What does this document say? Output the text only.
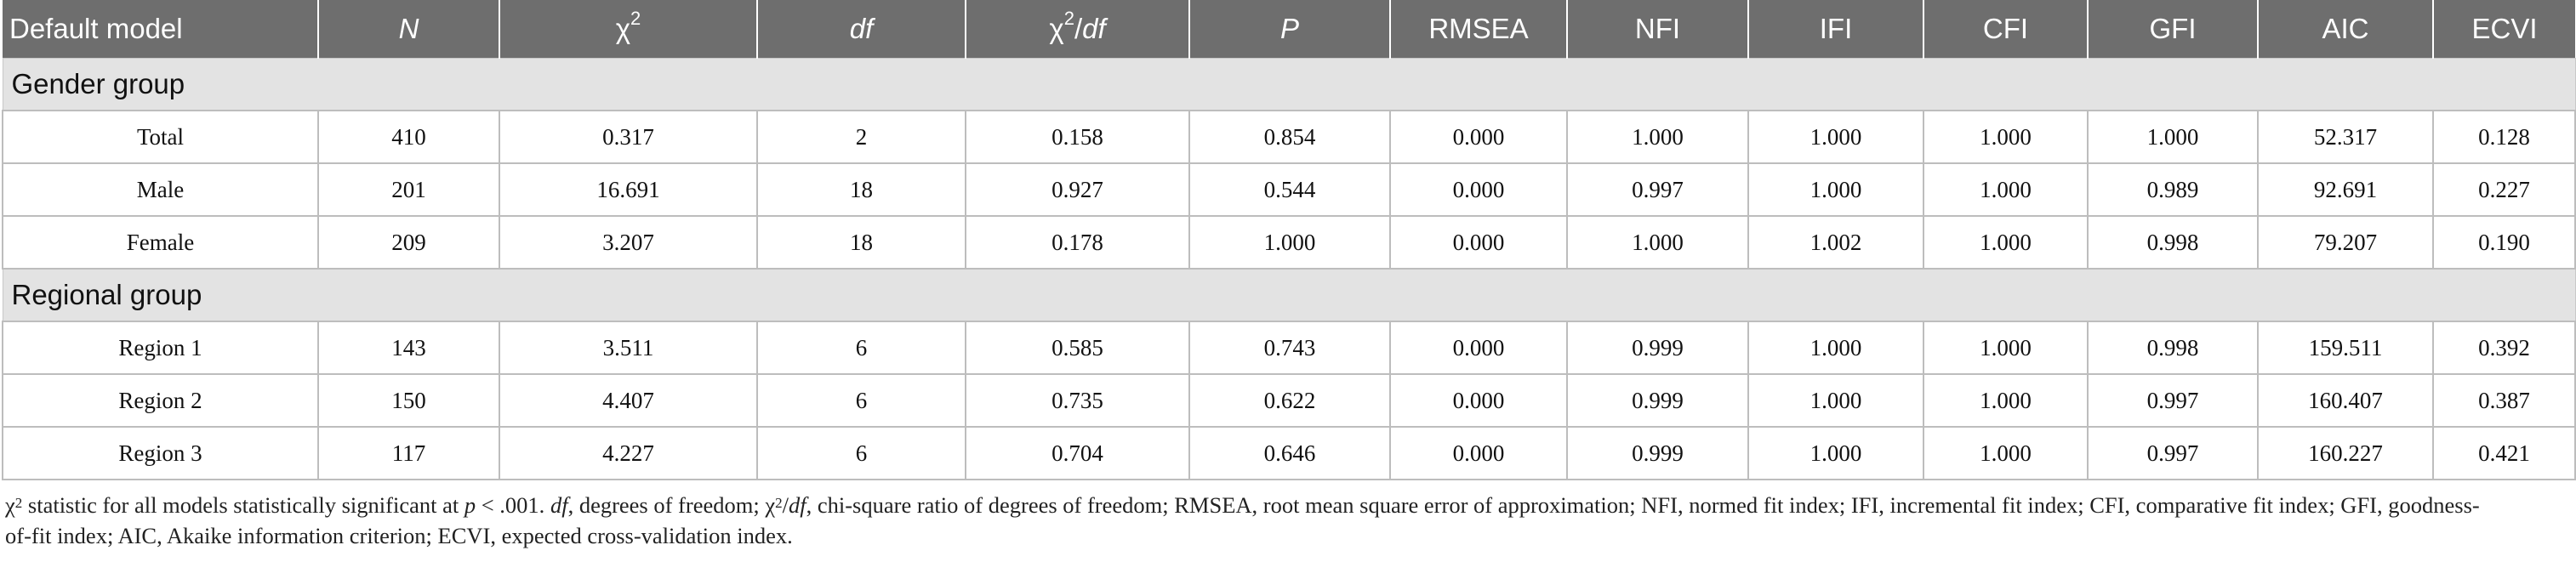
Default model	N	$\chi^2$	df	$\chi^2/df$	P	RMSEA	NFI	IFI	CFI	GFI	AIC	ECVI
Gender group												
Total	410	0.317	2	0.158	0.854	0.000	1.000	1.000	1.000	1.000	52.317	0.128
Male	201	16.691	18	0.927	0.544	0.000	0.997	1.000	1.000	0.989	92.691	0.227
Female	209	3.207	18	0.178	1.000	0.000	1.000	1.002	1.000	0.998	79.207	0.190
Regional group												
Region 1	143	3.511	6	0.585	0.743	0.000	0.999	1.000	1.000	0.998	159.511	0.392
Region 2	150	4.407	6	0.735	0.622	0.000	0.999	1.000	1.000	0.997	160.407	0.387
Region 3	117	4.227	6	0.704	0.646	0.000	0.999	1.000	1.000	0.997	160.227	0.421
$\chi^2$ statistic for all models statistically significant at p < .001. df, degrees of freedom; $\chi^2/df$, chi-square ratio of degrees of freedom; RMSEA, root mean square error of approximation; NFI, normed fit index; IFI, incremental fit index; CFI, comparative fit index; GFI, goodness-of-fit index; AIC, Akaike information criterion; ECVI, expected cross-validation index.
